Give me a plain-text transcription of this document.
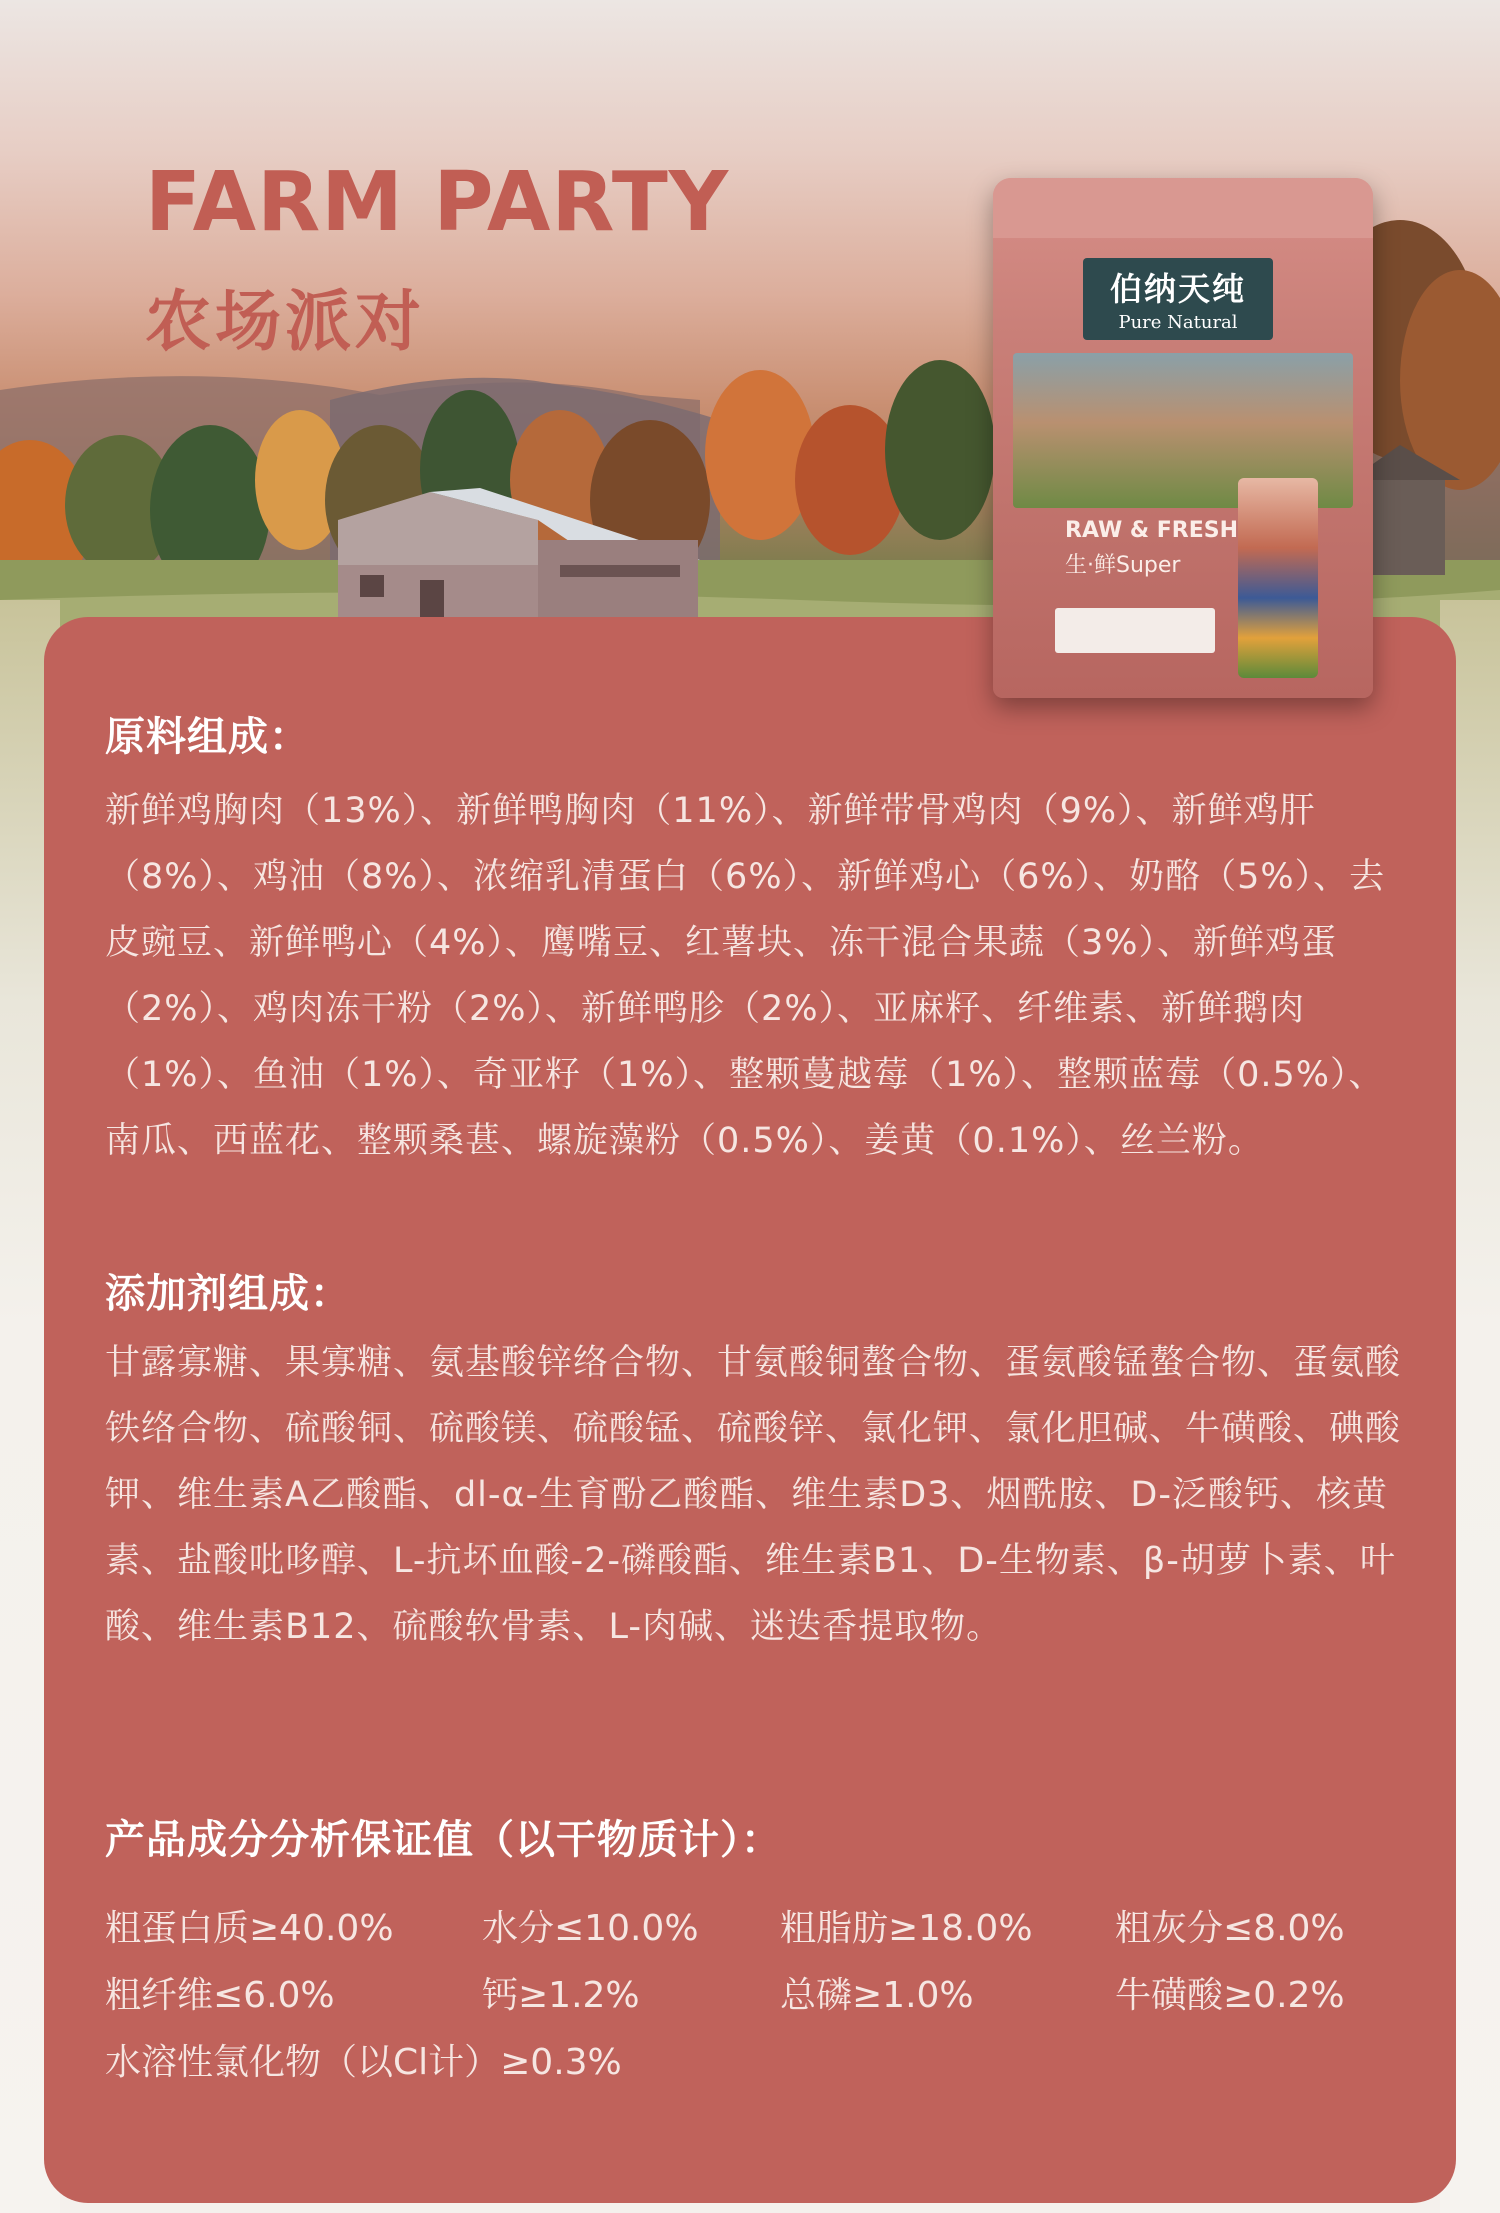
FARM PARTY
农场派对	伯纳天纯
Pure Natural
RAW & FRESH
生·鲜Super
原料组成：

新鲜鸡胸肉（13%）、新鲜鸭胸肉（11%）、新鲜带骨鸡肉（9%）、新鲜鸡肝（8%）、鸡油（8%）、浓缩乳清蛋白（6%）、新鲜鸡心（6%）、奶酪（5%）、去皮豌豆、新鲜鸭心（4%）、鹰嘴豆、红薯块、冻干混合果蔬（3%）、新鲜鸡蛋（2%）、鸡肉冻干粉（2%）、新鲜鸭胗（2%）、亚麻籽、纤维素、新鲜鹅肉（1%）、鱼油（1%）、奇亚籽（1%）、整颗蔓越莓（1%）、整颗蓝莓（0.5%）、南瓜、西蓝花、整颗桑葚、螺旋藻粉（0.5%）、姜黄（0.1%）、丝兰粉。

添加剂组成：

甘露寡糖、果寡糖、氨基酸锌络合物、甘氨酸铜螯合物、蛋氨酸锰螯合物、蛋氨酸铁络合物、硫酸铜、硫酸镁、硫酸锰、硫酸锌、氯化钾、氯化胆碱、牛磺酸、碘酸钾、维生素A乙酸酯、dl-α-生育酚乙酸酯、维生素D3、烟酰胺、D-泛酸钙、核黄素、盐酸吡哆醇、L-抗坏血酸-2-磷酸酯、维生素B1、D-生物素、β-胡萝卜素、叶酸、维生素B12、硫酸软骨素、L-肉碱、迷迭香提取物。

产品成分分析保证值（以干物质计）：
粗蛋白质≥40.0% 水分≤10.0% 粗脂肪≥18.0% 粗灰分≤8.0%
粗纤维≤6.0%	钙≥1.2%	总磷≥1.0%	牛磺酸≥0.2%
水溶性氯化物（以Cl计）≥0.3%
